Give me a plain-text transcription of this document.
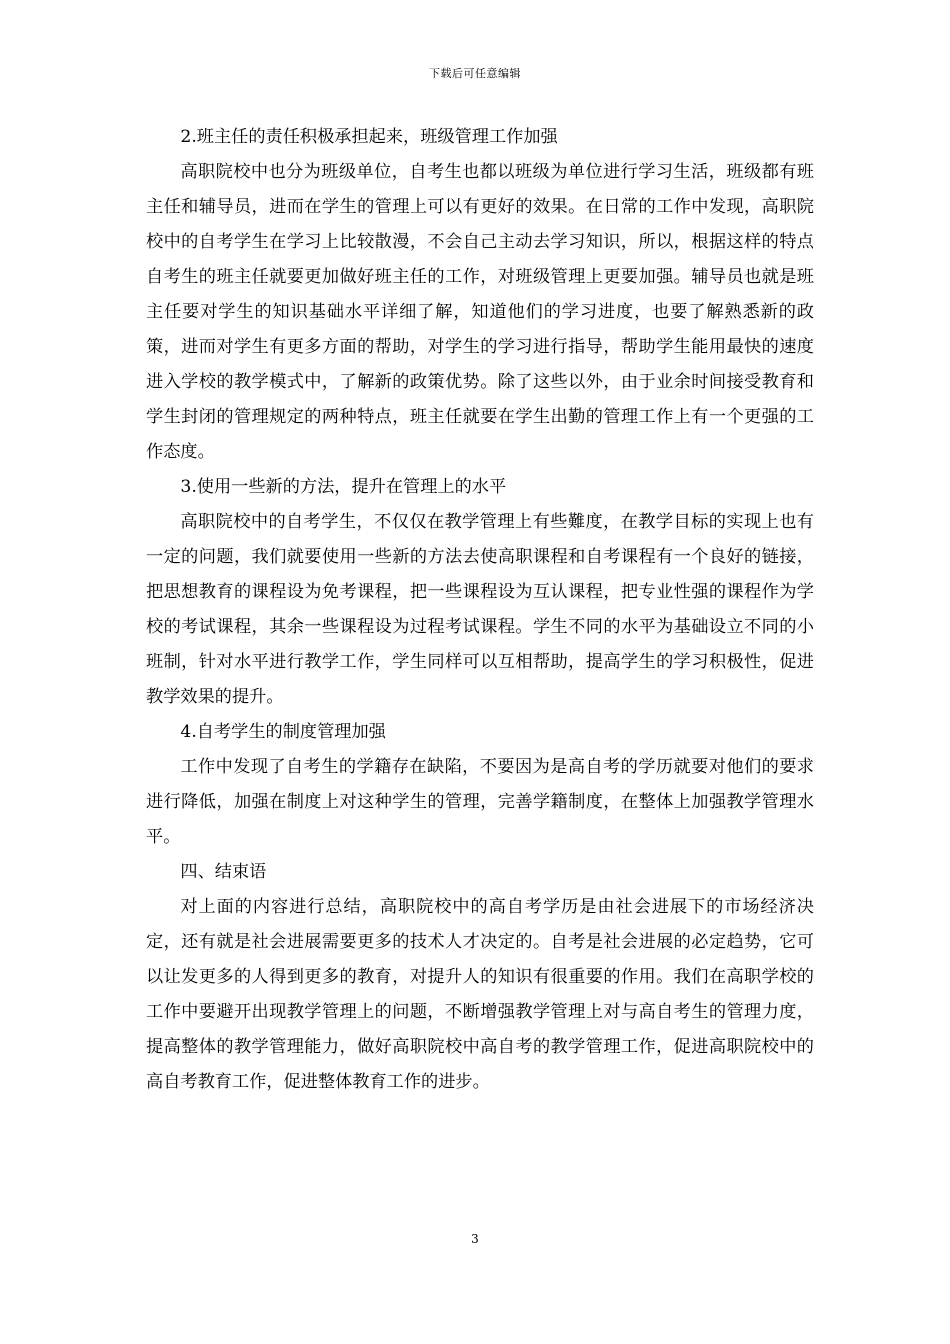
下载后可任意编辑

2.班主任的责任积极承担起来，班级管理工作加强

高职院校中也分为班级单位，自考生也都以班级为单位进行学习生活，班级都有班主任和辅导员，进而在学生的管理上可以有更好的效果。在日常的工作中发现，高职院校中的自考学生在学习上比较散漫，不会自己主动去学习知识，所以，根据这样的特点自考生的班主任就要更加做好班主任的工作，对班级管理上更要加强。辅导员也就是班主任要对学生的知识基础水平详细了解，知道他们的学习进度，也要了解熟悉新的政策，进而对学生有更多方面的帮助，对学生的学习进行指导，帮助学生能用最快的速度进入学校的教学模式中，了解新的政策优势。除了这些以外，由于业余时间接受教育和学生封闭的管理规定的两种特点，班主任就要在学生出勤的管理工作上有一个更强的工作态度。

3.使用一些新的方法，提升在管理上的水平

高职院校中的自考学生，不仅仅在教学管理上有些難度，在教学目标的实现上也有一定的问题，我们就要使用一些新的方法去使高职课程和自考课程有一个良好的链接，把思想教育的课程设为免考课程，把一些课程设为互认课程，把专业性强的课程作为学校的考试课程，其余一些课程设为过程考试课程。学生不同的水平为基础设立不同的小班制，针对水平进行教学工作，学生同样可以互相帮助，提高学生的学习积极性，促进教学效果的提升。

4.自考学生的制度管理加强

工作中发现了自考生的学籍存在缺陷，不要因为是高自考的学历就要对他们的要求进行降低，加强在制度上对这种学生的管理，完善学籍制度，在整体上加强教学管理水平。

四、结束语

对上面的内容进行总结，高职院校中的高自考学历是由社会进展下的市场经济决定，还有就是社会进展需要更多的技术人才决定的。自考是社会进展的必定趋势，它可以让发更多的人得到更多的教育，对提升人的知识有很重要的作用。我们在高职学校的工作中要避开出现教学管理上的问题，不断增强教学管理上对与高自考生的管理力度，提高整体的教学管理能力，做好高职院校中高自考的教学管理工作，促进高职院校中的高自考教育工作，促进整体教育工作的进步。

3
